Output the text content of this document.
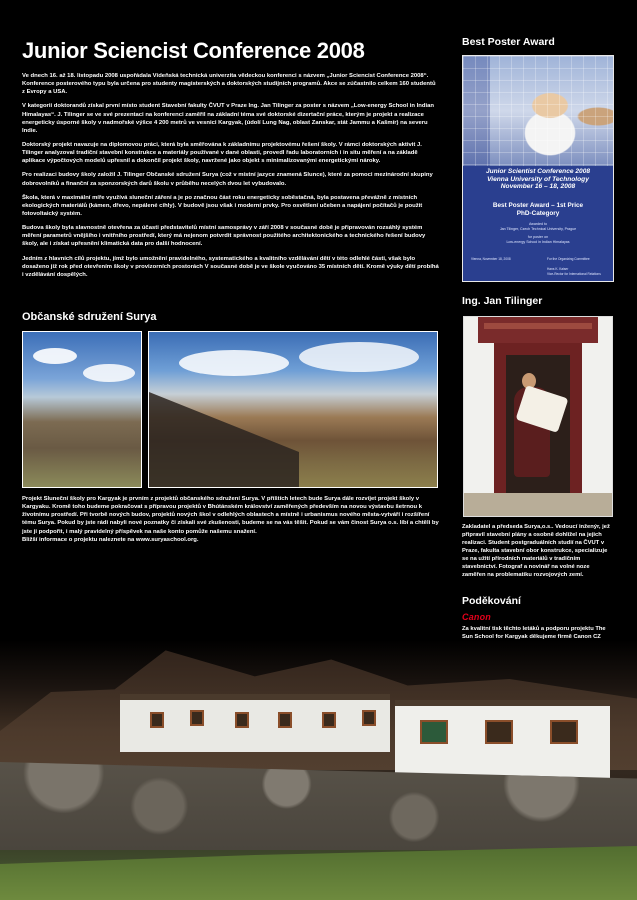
Junior Sciencist Conference 2008

Ve dnech 16. až 18. listopadu 2008 uspořádala Vídeňská technická univerzita vědeckou konferenci s názvem „Junior Sciencist Conference 2008“. Konference posterového typu byla určena pro studenty magisterských a doktorských studijních programů. Akce se zúčastnilo celkem 160 studentů z Evropy a USA.

V kategorii doktorandů získal první místo student Stavební fakulty ČVUT v Praze Ing. Jan Tilinger za poster s názvem „Low-energy School in Indian Himalayas“. J. Tilinger se ve své prezentaci na konferenci zaměřil na základní téma své doktorské dizertační práce, kterým je projekt a realizace energeticky úsporné školy v nadmořské výšce 4 200 metrů ve vesnici Kargyak, (údolí Lung Nag, oblast Zanskar, stát Jammu a Kašmír) na severu Indie.

Doktorský projekt navazuje na diplomovou práci, která byla směřována k základnímu projektovému řešení školy. V rámci doktorských aktivit J. Tilinger analyzoval tradiční stavební konstrukce a materiály používané v dané oblasti, provedl řadu laboratorních i in situ měření a na základě aplikace výpočtových modelů upřesnil a dokončil projekt školy, navržené jako objekt s minimalizovanými energetickými nároky.

Pro realizaci budovy školy založil J. Tilinger Občanské sdružení Surya (což v místní jazyce znamená Slunce), které za pomoci mezinárodní skupiny dobrovolníků a finanční za sponzorských darů školu v průběhu necelých dvou let vybudovalo.

Škola, která v maximální míře využívá sluneční záření a je po značnou část roku energeticky soběstačná, byla postavena převážně z místních ekologických materiálů (kámen, dřevo, nepálené cihly). V budově jsou však i moderní prvky. Pro osvětlení učeben a napájení počítačů je použit fotovoltaický systém.

Budova školy byla slavnostně otevřena za účasti představitelů místní samosprávy v září 2008 v současné době je připravován rozsáhlý systém měření parametrů vnějšího i vnitřního prostředí, který má nejenom potvrdit správnost použitého architektonického a technického řešení budovy školy, ale i získat upřesnění klimatická data pro další hodnocení.

Jedním z hlavních cílů projektu, jímž bylo umožnění pravidelného, systematického a kvalitního vzdělávání dětí v této odlehlé části, však bylo dosaženo již rok před otevřením školy v provizorních prostorách V současné době je ve škole vyučováno 35 místních dětí. Kromě výuky dětí probíhá i vzdělávání dospělých.

Občanské sdružení Surya
Projekt Sluneční školy pro Kargyak je prvním z projektů občanského sdružení Surya. V příštích letech bude Surya dále rozvíjet projekt školy v Kargyaku. Kromě toho budeme pokračovat s přípravou projektů v Bhútánském království zaměřených především na novou výstavbu šetrnou k životnímu prostředí. Při tvorbě nových budov, projektů nových škol v odlehlých oblastech a místně i urbanismus nového města-vytváří i rozšíření tému Surya. Pokud by jste rádi nabyli nové poznatky či získali své zkušenosti, budeme se na vás těšit. Pokud se vám činost Surya o.s. líbí a chtěli by jste ji podpořit, i malý pravidelný příspěvek na naše konto pomůže našemu snažení.
Bližší informace o projektu naleznete na www.suryaschool.org.
Best Poster Award
Junior Scientist Conference 2008
Vienna University of Technology
November 16 – 18, 2008
Best Poster Award – 1st Price
PhD-Category
Awarded to
Jan Tilinger, Czech Technical University, Prague
for poster on
Low-energy School in Indian Himalayas
Vienna, November 18, 2008	For the Organizing Committee
Hans K. Kaiser
Vice-Rector for International Relations
Ing. Jan Tilinger
Zakladatel a předseda Surya,o.s.. Vedoucí inženýr, jež připravil stavební plány a osobně dohlížel na jejich realizaci. Student postgraduálních studií na ČVUT v Praze, fakulta stavební obor konstrukce, specializuje se na užití přírodních materiálů v tradičním stavebnictví. Fotograf a novinář na volné noze zaměřen na problematiku rozvojových zemí.
Poděkování
Canon
Za kvalitní tisk těchto letáků a podporu projektu The Sun School for Kargyak děkujeme firmě Canon CZ
